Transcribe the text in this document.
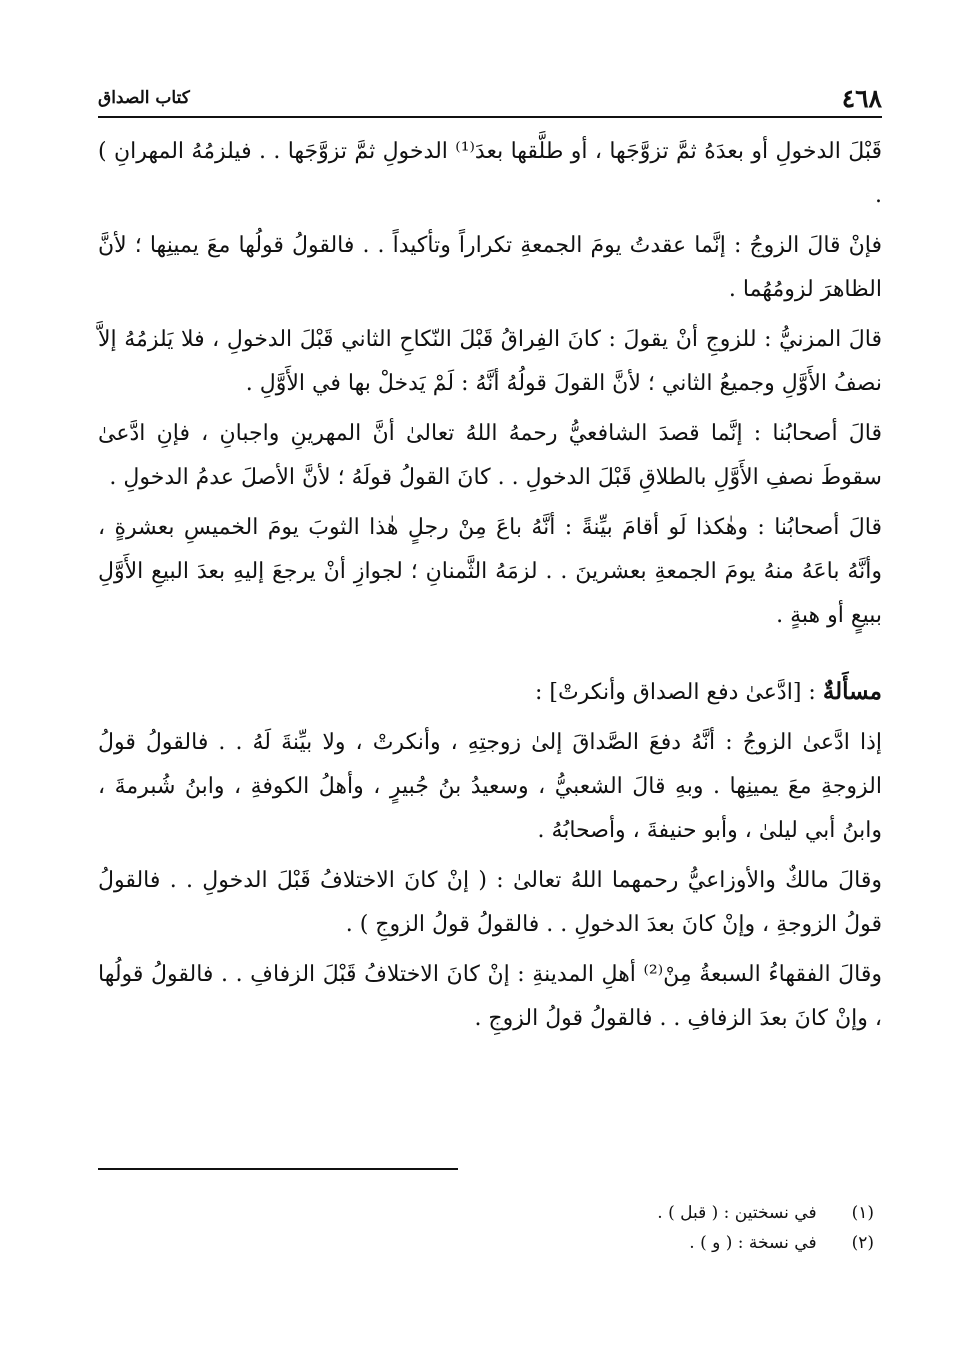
٤٦٨
كتاب الصداق

قَبْلَ الدخولِ أو بعدَهُ ثمَّ تزوَّجَها ، أو طلَّقها بعدَ⁽¹⁾ الدخولِ ثمَّ تزوَّجَها . . فيلزمُهُ المهرانِ ) .

فإنْ قالَ الزوجُ : إنَّما عقدتُ يومَ الجمعةِ تكراراً وتأكيداً . . فالقولُ قولُها معَ يمينِها ؛ لأنَّ الظاهرَ لزومُهُما .

قالَ المزنيُّ : للزوجِ أنْ يقولَ : كانَ الفِراقُ قَبْلَ النّكاحِ الثاني قَبْلَ الدخولِ ، فلا يَلزمُهُ إلاَّ نصفُ الأَوَّلِ وجميعُ الثاني ؛ لأنَّ القولَ قولُهُ أنَّهُ : لَمْ يَدخلْ بها في الأَوَّلِ .

قالَ أصحابُنا : إنَّما قصدَ الشافعيُّ رحمهُ اللهُ تعالىٰ أنَّ المهرينِ واجبانِ ، فإنِ ادَّعىٰ سقوطَ نصفِ الأَوَّلِ بالطلاقِ قَبْلَ الدخولِ . . كانَ القولُ قولَهُ ؛ لأنَّ الأصلَ عدمُ الدخولِ .

قالَ أصحابُنا : وهٰكذا لَو أقامَ بيِّنةً : أنَّهُ باعَ مِنْ رجلٍ هٰذا الثوبَ يومَ الخميسِ بعشرةٍ ، وأنَّهُ باعَهُ منهُ يومَ الجمعةِ بعشرينَ . . لزمَهُ الثَّمنانِ ؛ لجوازِ أنْ يرجعَ إليهِ بعدَ البيعِ الأَوَّلِ ببيعٍ أو هبةٍ .

مسأَلةٌ : [ادَّعىٰ دفع الصداق وأنكرتْ] :

إذا ادَّعىٰ الزوجُ : أنَّهُ دفعَ الصَّداقَ إلىٰ زوجتِهِ ، وأنكرتْ ، ولا بيِّنةَ لَهُ . . فالقولُ قولُ الزوجةِ معَ يمينِها . وبهِ قالَ الشعبيُّ ، وسعيدُ بنُ جُبيرٍ ، وأهلُ الكوفةِ ، وابنُ شُبرمةَ ، وابنُ أبي ليلىٰ ، وأبو حنيفةَ ، وأصحابُهُ .

وقالَ مالكٌ والأوزاعيُّ رحمهما اللهُ تعالىٰ : ( إنْ كانَ الاختلافُ قَبْلَ الدخولِ . . فالقولُ قولُ الزوجةِ ، وإنْ كانَ بعدَ الدخولِ . . فالقولُ قولُ الزوجِ ) .

وقالَ الفقهاءُ السبعةُ مِنْ⁽²⁾ أهلِ المدينةِ : إنْ كانَ الاختلافُ قَبْلَ الزفافِ . . فالقولُ قولُها ، وإنْ كانَ بعدَ الزفافِ . . فالقولُ قولُ الزوجِ .

(١) في نسختين : ( قبل ) .
(٢) في نسخة : ( و ) .
